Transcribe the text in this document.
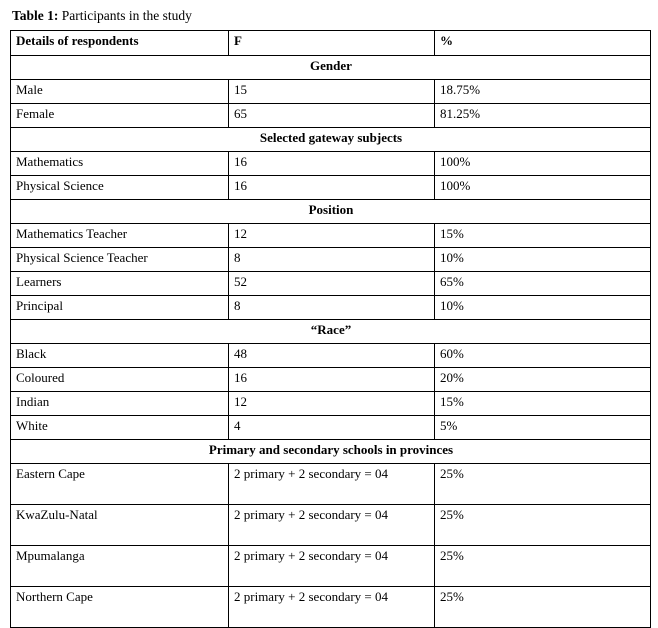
Table 1: Participants in the study
Details of respondents	F	%
Gender		
Male	15	18.75%
Female	65	81.25%
Selected gateway subjects		
Mathematics	16	100%
Physical Science	16	100%
Position		
Mathematics Teacher	12	15%
Physical Science Teacher	8	10%
Learners	52	65%
Principal	8	10%
“Race”		
Black	48	60%
Coloured	16	20%
Indian	12	15%
White	4	5%
Primary and secondary schools in provinces		
Eastern Cape	2 primary + 2 secondary = 04	25%
KwaZulu-Natal	2 primary + 2 secondary = 04	25%
Mpumalanga	2 primary + 2 secondary = 04	25%
Northern Cape	2 primary + 2 secondary = 04	25%
